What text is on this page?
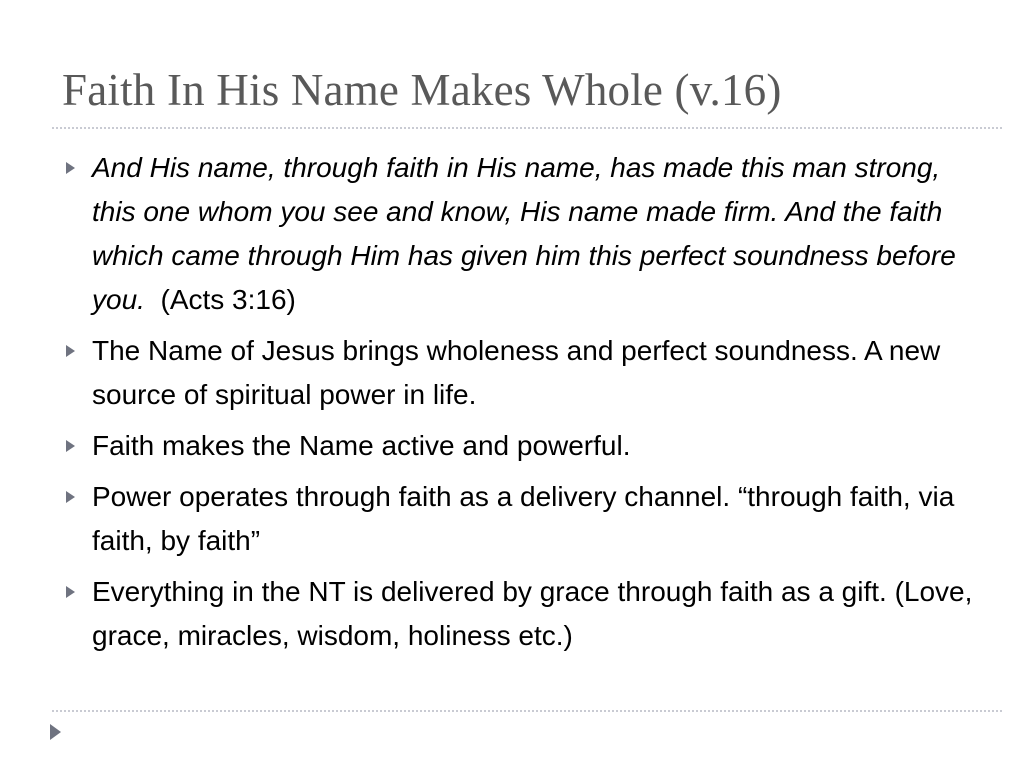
Faith In His Name Makes Whole (v.16)
And His name, through faith in His name, has made this man strong, this one whom you see and know, His name made firm. And the faith which came through Him has given him this perfect soundness before you. (Acts 3:16)
The Name of Jesus brings wholeness and perfect soundness. A new source of spiritual power in life.
Faith makes the Name active and powerful.
Power operates through faith as a delivery channel. “through faith, via faith, by faith”
Everything in the NT is delivered by grace through faith as a gift. (Love, grace, miracles, wisdom, holiness etc.)
